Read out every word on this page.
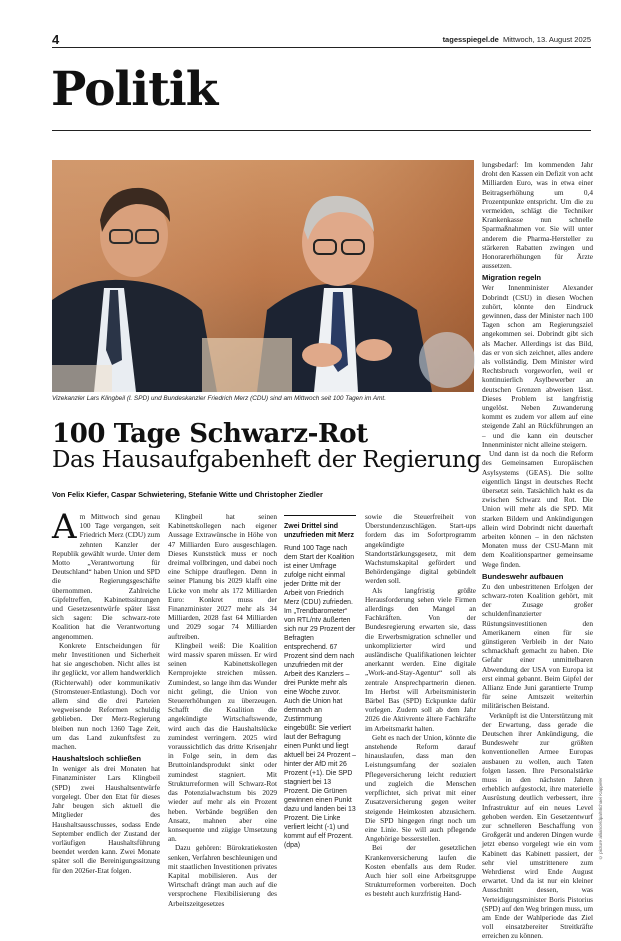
4	tagesspiegel.de Mittwoch, 13. August 2025
Politik
Vizekanzler Lars Klingbeil (l. SPD) und Bundeskanzler Friedrich Merz (CDU) sind am Mittwoch seit 100 Tagen im Amt.
100 Tage Schwarz-Rot
Das Hausaufgabenheft der Regierung
Von Felix Kiefer, Caspar Schwietering, Stefanie Witte und Christopher Ziedler

Am Mittwoch sind genau 100 Tage vergangen, seit Friedrich Merz (CDU) zum zehnten Kanzler der Republik gewählt wurde. Unter dem Motto „Verantwortung für Deutschland“ haben Union und SPD die Regierungsgeschäfte übernommen. Zahlreiche Gipfeltreffen, Kabinettssitzungen und Gesetzesentwürfe später lässt sich sagen: Die schwarz-rote Koalition hat die Verantwortung angenommen.

Konkrete Entscheidungen für mehr Investitionen und Sicherheit hat sie angeschoben. Nicht alles ist ihr geglückt, vor allem handwerklich (Richterwahl) oder kommunikativ (Stromsteuer-Entlastung). Doch vor allem sind die drei Parteien wegweisende Reformen schuldig geblieben. Der Merz-Regierung bleiben nun noch 1360 Tage Zeit, um das Land zukunftsfest zu machen.

Haushaltsloch schließen

In weniger als drei Monaten hat Finanzminister Lars Klingbeil (SPD) zwei Haushaltsentwürfe vorgelegt. Über den Etat für dieses Jahr beugen sich aktuell die Mitglieder des Haushaltsausschusses, sodass Ende September endlich der Zustand der vorläufigen Haushaltsführung beendet werden kann. Zwei Monate später soll die Bereinigungssitzung für den 2026er-Etat folgen.

Klingbeil hat seinen Kabinettskollegen nach eigener Aussage Extrawünsche in Höhe von 47 Milliarden Euro ausgeschlagen. Dieses Kunststück muss er noch dreimal vollbringen, und dabei noch eine Schippe drauflegen. Denn in seiner Planung bis 2029 klafft eine Lücke von mehr als 172 Milliarden Euro: Konkret muss der Finanzminister 2027 mehr als 34 Milliarden, 2028 fast 64 Milliarden und 2029 sogar 74 Milliarden auftreiben.

Klingbeil weiß: Die Koalition wird massiv sparen müssen. Er wird seinen Kabinettskollegen Kernprojekte streichen müssen. Zumindest, so lange ihm das Wunder nicht gelingt, die Union von Steuererhöhungen zu überzeugen. Schafft die Koalition die angekündigte Wirtschaftswende, wird auch das die Haushaltslücke zumindest verringern. 2025 wird voraussichtlich das dritte Krisenjahr in Folge sein, in dem das Bruttoinlandsprodukt sinkt oder zumindest stagniert. Mit Strukturreformen will Schwarz-Rot das Potenzialwachstum bis 2029 wieder auf mehr als ein Prozent heben. Verbände begrüßen den Ansatz, mahnen aber eine konsequente und zügige Umsetzung an.

Dazu gehören: Bürokratiekosten senken, Verfahren beschleunigen und mit staatlichen Investitionen privates Kapital mobilisieren. Aus der Wirtschaft drängt man auch auf die versprochene Flexibilisierung des Arbeitszeitgesetzes

Zwei Drittel sind unzufrieden mit Merz

Rund 100 Tage nach dem Start der Koalition ist einer Umfrage zufolge nicht einmal jeder Dritte mit der Arbeit von Friedrich Merz (CDU) zufrieden. Im „Trendbarometer“ von RTL/ntv äußerten sich nur 29 Prozent der Befragten entsprechend. 67 Prozent sind dem nach unzufrieden mit der Arbeit des Kanzlers – drei Punkte mehr als eine Woche zuvor. Auch die Union hat demnach an Zustimmung eingebüßt: Sie verliert laut der Befragung einen Punkt und liegt aktuell bei 24 Prozent – hinter der AfD mit 26 Prozent (+1). Die SPD stagniert bei 13 Prozent. Die Grünen gewinnen einen Punkt dazu und landen bei 13 Prozent. Die Linke verliert leicht (-1) und kommt auf elf Prozent. (dpa)

sowie die Steuerfreiheit von Überstundenzuschlägen. Start-ups fordern das im Sofortprogramm angekündigte Standortstärkungsgesetz, mit dem Wachstumskapital gefördert und Behördengänge digital gebündelt werden soll.

Als langfristig größte Herausforderung sehen viele Firmen allerdings den Mangel an Fachkräften. Von der Bundesregierung erwarten sie, dass die Erwerbsmigration schneller und unkomplizierter wird und ausländische Qualifikationen leichter anerkannt werden. Eine digitale „Work-and-Stay-Agentur“ soll als zentrale Ansprechpartnerin dienen. Im Herbst will Arbeitsministerin Bärbel Bas (SPD) Eckpunkte dafür vorlegen. Zudem soll ab dem Jahr 2026 die Aktivrente ältere Fachkräfte im Arbeitsmarkt halten.

Geht es nach der Union, könnte die anstehende Reform darauf hinauslaufen, dass man den Leistungsumfang der sozialen Pflegeversicherung leicht reduziert und zugleich die Menschen verpflichtet, sich privat mit einer Zusatzversicherung gegen weiter steigende Heimkosten abzusichern. Die SPD hingegen ringt noch um eine Linie. Sie will auch pflegende Angehörige besserstellen.

Bei der gesetzlichen Krankenversicherung laufen die Kosten ebenfalls aus dem Ruder. Auch hier soll eine Arbeitsgruppe Strukturreformen vorbereiten. Doch es besteht auch kurzfristig Hand-

lungsbedarf: Im kommenden Jahr droht den Kassen ein Defizit von acht Milliarden Euro, was in etwa einer Beitragserhöhung um 0,4 Prozentpunkte entspricht. Um die zu vermeiden, schlägt die Techniker Krankenkasse nun schnelle Sparmaßnahmen vor. Sie will unter anderem die Pharma-Hersteller zu stärkeren Rabatten zwingen und Honorarerhöhungen für Ärzte aussetzen.

Migration regeln

Wer Innenminister Alexander Dobrindt (CSU) in diesen Wochen zuhört, könnte den Eindruck gewinnen, dass der Minister nach 100 Tagen schon am Regierungsziel angekommen sei. Dobrindt gibt sich als Macher. Allerdings ist das Bild, das er von sich zeichnet, alles andere als vollständig. Dem Minister wird Rechtsbruch vorgeworfen, weil er kontinuierlich Asylbewerber an deutschen Grenzen abweisen lässt. Dieses Problem ist langfristig ungelöst. Neben Zuwanderung kommt es zudem vor allem auf eine steigende Zahl an Rückführungen an – und die kann ein deutscher Innenminister nicht alleine steigern.

Und dann ist da noch die Reform des Gemeinsamen Europäischen Asylsystems (GEAS). Die sollte eigentlich längst in deutsches Recht übersetzt sein. Tatsächlich hakt es da zwischen Schwarz und Rot. Die Union will mehr als die SPD. Mit starken Bildern und Ankündigungen allein wird Dobrindt nicht dauerhaft arbeiten können – in den nächsten Monaten muss der CSU-Mann mit dem Koalitionspartner gemeinsame Wege finden.

Bundeswehr aufbauen

Zu den unbestrittenen Erfolgen der schwarz-roten Koalition gehört, mit der Zusage großer schuldenfinanzierter Rüstungsinvestitionen den Amerikanern einen für sie günstigeren Verbleib in der Nato schmackhaft gemacht zu haben. Die Gefahr einer unmittelbaren Abwendung der USA von Europa ist erst einmal gebannt. Beim Gipfel der Allianz Ende Juni garantierte Trump für seine Amtszeit weiterhin militärischen Beistand.

Verknüpft ist die Unterstützung mit der Erwartung, dass gerade die Deutschen ihrer Ankündigung, die Bundeswehr zur größten konventionellen Armee Europas ausbauen zu wollen, auch Taten folgen lassen. Ihre Personalstärke muss in den nächsten Jahren erheblich aufgestockt, ihre materielle Ausrüstung deutlich verbessert, ihre Infrastruktur auf ein neues Level gehoben werden. Ein Gesetzentwurf zur schnelleren Beschaffung von Großgerät und anderen Dingen wurde jetzt ebenso vorgelegt wie ein vom Kabinett das Kabinett passiert, der sehr viel umstrittenere zum Wehrdienst wird Ende August erwartet. Und da ist nur ein kleiner Ausschnitt dessen, was Verteidigungsminister Boris Pistorius (SPD) auf den Weg bringen muss, um am Ende der Wahlperiode das Ziel voll einsatzbereiter Streitkräfte erreichen zu können.

© picture alliance/dpa/Michael Kappeler
